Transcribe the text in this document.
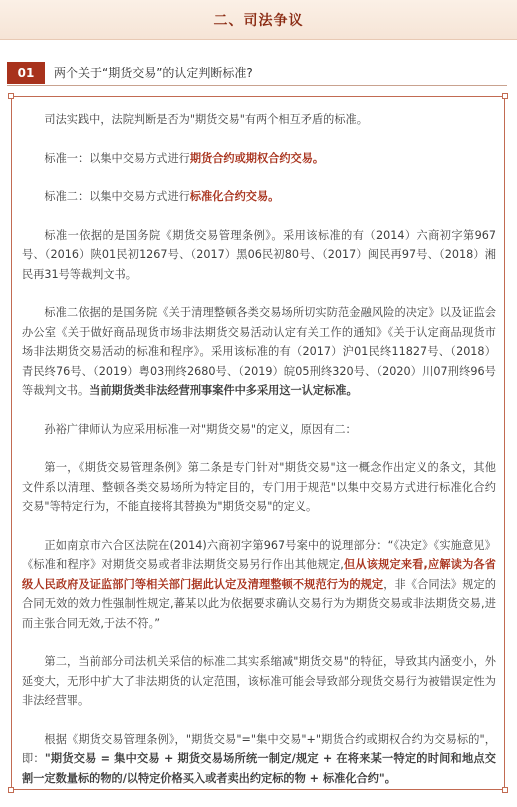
二、司法争议
01	两个关于“期货交易”的认定判断标准?

司法实践中，法院判断是否为"期货交易"有两个相互矛盾的标准。

标准一：以集中交易方式进行期货合约或期权合约交易。

标准二：以集中交易方式进行标准化合约交易。

标准一依据的是国务院《期货交易管理条例》。采用该标准的有（2014）六商初字第967号、（2016）陕01民初1267号、（2017）黑06民初80号、（2017）闽民再97号、（2018）湘民再31号等裁判文书。

标准二依据的是国务院《关于清理整顿各类交易场所切实防范金融风险的决定》以及证监会办公室《关于做好商品现货市场非法期货交易活动认定有关工作的通知》《关于认定商品现货市场非法期货交易活动的标准和程序》。采用该标准的有（2017）沪01民终11827号、（2018）青民终76号、（2019）粤03刑终2680号、（2019）皖05刑终320号、（2020）川07刑终96号等裁判文书。当前期货类非法经营刑事案件中多采用这一认定标准。

孙裕广律师认为应采用标准一对"期货交易"的定义，原因有二：

第一，《期货交易管理条例》第二条是专门针对"期货交易"这一概念作出定义的条文，其他文件系以清理、整顿各类交易场所为特定目的，专门用于规范"以集中交易方式进行标准化合约交易"等特定行为，不能直接将其替换为"期货交易"的定义。

正如南京市六合区法院在(2014)六商初字第967号案中的说理部分：“《决定》《实施意见》《标准和程序》对期货交易或者非法期货交易另行作出其他规定,但从该规定来看,应解读为各省级人民政府及证监部门等相关部门据此认定及清理整顿不规范行为的规定，非《合同法》规定的合同无效的效力性强制性规定,蕃某以此为依据要求确认交易行为为期货交易或非法期货交易,进而主张合同无效,于法不符。”

第二，当前部分司法机关采信的标准二其实系缩减"期货交易"的特征，导致其内涵变小，外延变大，无形中扩大了非法期货的认定范围，该标准可能会导致部分现货交易行为被错误定性为非法经营罪。

根据《期货交易管理条例》，"期货交易"="集中交易"+"期货合约或期权合约为交易标的"，即："期货交易 = 集中交易 + 期货交易场所统一制定/规定 + 在将来某一特定的时间和地点交割一定数量标的物的/以特定价格买入或者卖出约定标的物 + 标准化合约"。
